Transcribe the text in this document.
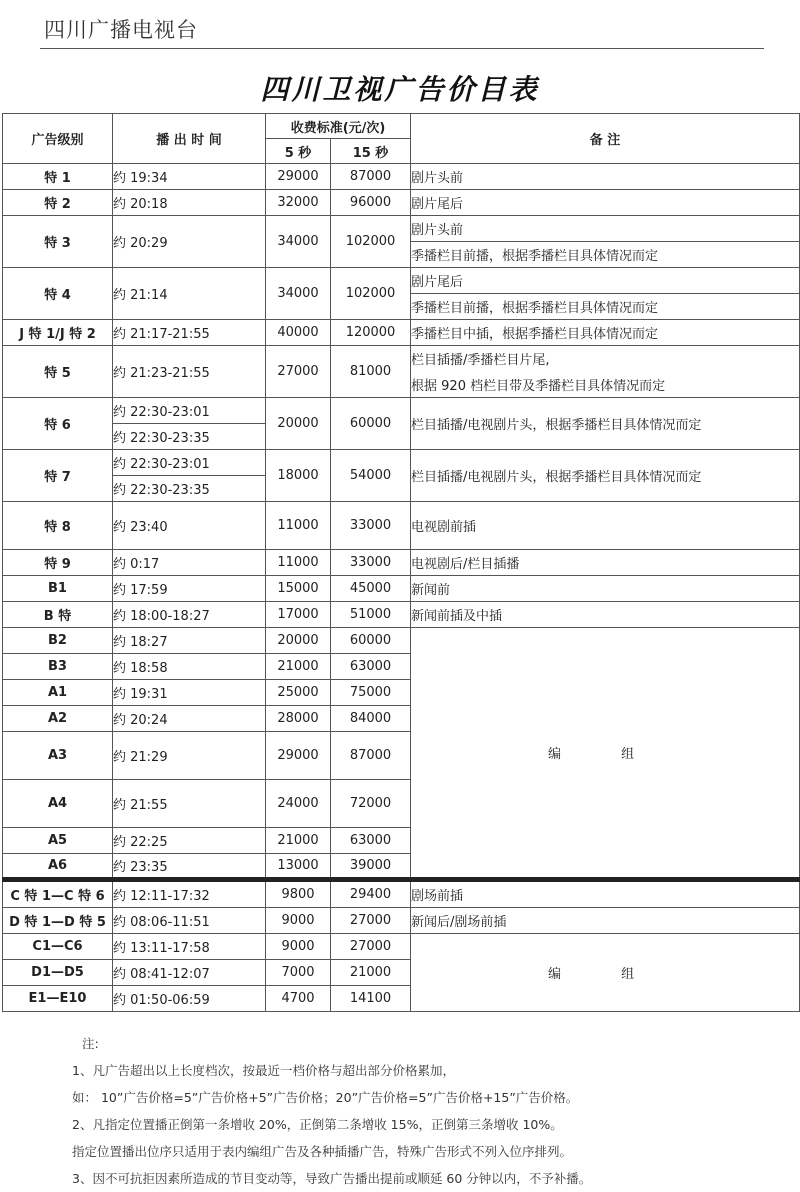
四川广播电视台
四川卫视广告价目表
广告级别	播 出 时 间	收费标准(元/次)		备 注
		5 秒	15 秒	
特 1	约 19:34	29000	87000	剧片头前
特 2	约 20:18	32000	96000	剧片尾后
特 3	约 20:29	34000	102000	剧片头前
				季播栏目前播，根据季播栏目具体情况而定
特 4	约 21:14	34000	102000	剧片尾后
				季播栏目前播，根据季播栏目具体情况而定
J 特 1/J 特 2	约 21:17-21:55	40000	120000	季播栏目中插，根据季播栏目具体情况而定
特 5	约 21:23-21:55	27000	81000	栏目插播/季播栏目片尾,
				根据 920 档栏目带及季播栏目具体情况而定
特 6	约 22:30-23:01	20000	60000	栏目插播/电视剧片头，根据季播栏目具体情况而定
	约 22:30-23:35			
特 7	约 22:30-23:01	18000	54000	栏目插播/电视剧片头，根据季播栏目具体情况而定
	约 22:30-23:35			
特 8	约 23:40	11000	33000	电视剧前插
特 9	约 0:17	11000	33000	电视剧后/栏目插播
B1	约 17:59	15000	45000	新闻前
B 特	约 18:00-18:27	17000	51000	新闻前插及中插
B2	约 18:27	20000	60000	编 组
B3	约 18:58	21000	63000	
A1	约 19:31	25000	75000	
A2	约 20:24	28000	84000	
A3	约 21:29	29000	87000	
A4	约 21:55	24000	72000	
A5	约 22:25	21000	63000	
A6	约 23:35	13000	39000	
C 特 1—C 特 6	约 12:11-17:32	9800	29400	剧场前插
D 特 1—D 特 5	约 08:06-11:51	9000	27000	新闻后/剧场前插
C1—C6	约 13:11-17:58	9000	27000	编 组
D1—D5	约 08:41-12:07	7000	21000	
E1—E10	约 01:50-06:59	4700	14100	
注:
1、凡广告超出以上长度档次，按最近一档价格与超出部分价格累加，
如： 10”广告价格=5”广告价格+5”广告价格；20”广告价格=5”广告价格+15”广告价格。
2、凡指定位置播正倒第一条增收 20%，正倒第二条增收 15%，正倒第三条增收 10%。
指定位置播出位序只适用于表内编组广告及各种插播广告，特殊广告形式不列入位序排列。
3、因不可抗拒因素所造成的节目变动等，导致广告播出提前或顺延 60 分钟以内，不予补播。
